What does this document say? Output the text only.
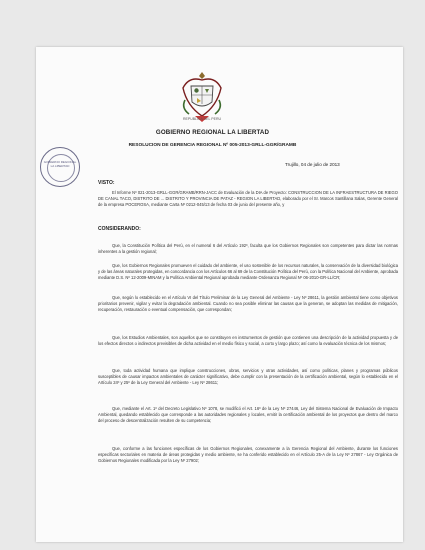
REPUBLICA DEL PERU
GOBIERNO REGIONAL LA LIBERTAD
GOBIERNO REGIONAL LA LIBERTAD
RESOLUCION DE GERENCIA REGIONAL Nº 005-2013-GRLL-GGR/GRAMB
Trujillo, 04 de julio de 2013
VISTO:
El Informe Nº 021-2013-GRLL-GGR/GRAMB/RRN-JACC de Evaluación de la DIA de Proyecto: CONSTRUCCION DE LA INFRAESTRUCTURA DE RIEGO DE CANAL TACO, DISTRITO DE ... DISTRITO Y PROVINCIA DE PATAZ - REGION LA LIBERTAD, elaborado por el Sr. Marcos Santillana Salas, Gerente General de la empresa POCEROSA, mediante Carta Nº 0212-045/13 de fecha 03 de junio del presente año, y
CONSIDERANDO:
Que, la Constitución Política del Perú, en el numeral 6 del Artículo 192º, faculta que los Gobiernos Regionales son competentes para dictar las normas inherentes a la gestión regional;
Que, los Gobiernos Regionales promueven el cuidado del ambiente, el uso sostenible de los recursos naturales, la conservación de la diversidad biológica y de las áreas naturales protegidas, en concordancia con los Artículos 66 al 69 de la Constitución Política del Perú, con la Política Nacional del Ambiente, aprobada mediante D.S. Nº 12-2009-MINAM y la Política Ambiental Regional aprobada mediante Ordenanza Regional Nº 06-2010-GR-LL/CR;
Que, según lo establecido en el Artículo VI del Título Preliminar de la Ley General del Ambiente - Ley Nº 28611, la gestión ambiental tiene como objetivos prioritarios prevenir, vigilar y evitar la degradación ambiental. Cuando no sea posible eliminar las causas que la generan, se adoptan las medidas de mitigación, recuperación, restauración o eventual compensación, que correspondan;
Que, los Estudios Ambientales, son aquellos que se constituyen en instrumentos de gestión que contienen una descripción de la actividad propuesta y de los efectos directos o indirectos previsibles de dicha actividad en el medio físico y social, a corto y largo plazo; así como la evaluación técnica de los mismos;
Que, toda actividad humana que implique construcciones, obras, servicios y otras actividades, así como políticas, planes y programas públicos susceptibles de causar impactos ambientales de carácter significativo, debe cumplir con la presentación de la certificación ambiental, según lo establecido en el Artículo 24º y 25º de la Ley General del Ambiente - Ley Nº 28611;
Que, mediante el Art. 1º del Decreto Legislativo Nº 1078, se modificó el Art. 16º de la Ley Nº 27446, Ley del Sistema Nacional de Evaluación de Impacto Ambiental, quedando establecido que corresponde a las autoridades regionales y locales, emitir la certificación ambiental de los proyectos que dentro del marco del proceso de descentralización resulten de su competencia;
Que, conforme a las funciones específicas de los Gobiernos Regionales, conexamente a la Gerencia Regional del Ambiente, durante los funciones específicas sectoriales en materia de áreas protegidas y medio ambiente, se ha conferido establecido en el Artículo 25-A de la Ley Nº 27867 - Ley Orgánica de Gobiernos Regionales modificada por la Ley Nº 27902;
